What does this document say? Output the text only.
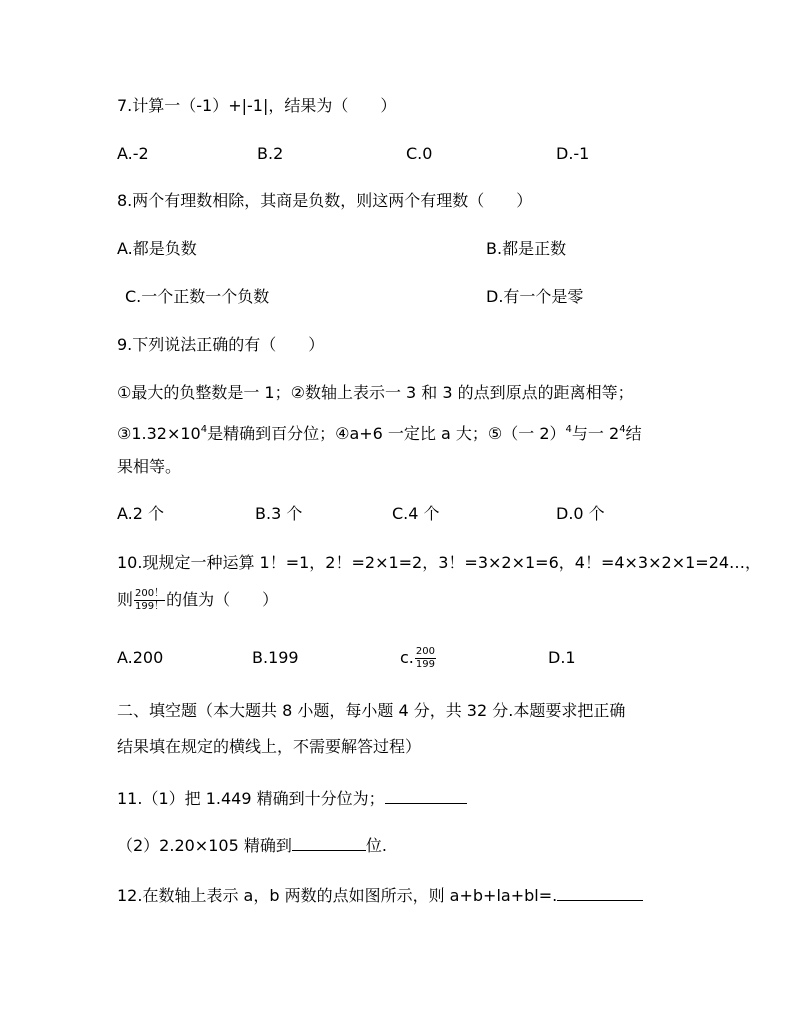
7.计算一（-1）+|-1|，结果为（　　）
A.-2	B.2	C.0	D.-1
8.两个有理数相除，其商是负数，则这两个有理数（　　）
A.都是负数	B.都是正数
C.一个正数一个负数	D.有一个是零
9.下列说法正确的有（　　）
①最大的负整数是一 1；②数轴上表示一 3 和 3 的点到原点的距离相等；
$③1.32\times 10^4$是精确到百分位；④a+6 一定比 a 大；⑤（一 2）$^4$与一 $2^4$结
果相等。
A.2 个	B.3 个	C.4 个	D.0 个
10.现规定一种运算 1！=1，2！=2×1=2，3！=3×2×1=6，4！=4×3×2×1=24…，
则 $\frac{200!}{199!}$ 的值为（　　）
A.200	B.199	c. $\frac{200}{199}$	D.1
二、填空题（本大题共 8 小题，每小题 4 分，共 32 分.本题要求把正确
结果填在规定的横线上，不需要解答过程）
11.（1）把 1.449 精确到十分位为；
（2）2.20×105 精确到	位.
12.在数轴上表示 a，b 两数的点如图所示，则 a+b+la+bl=.
